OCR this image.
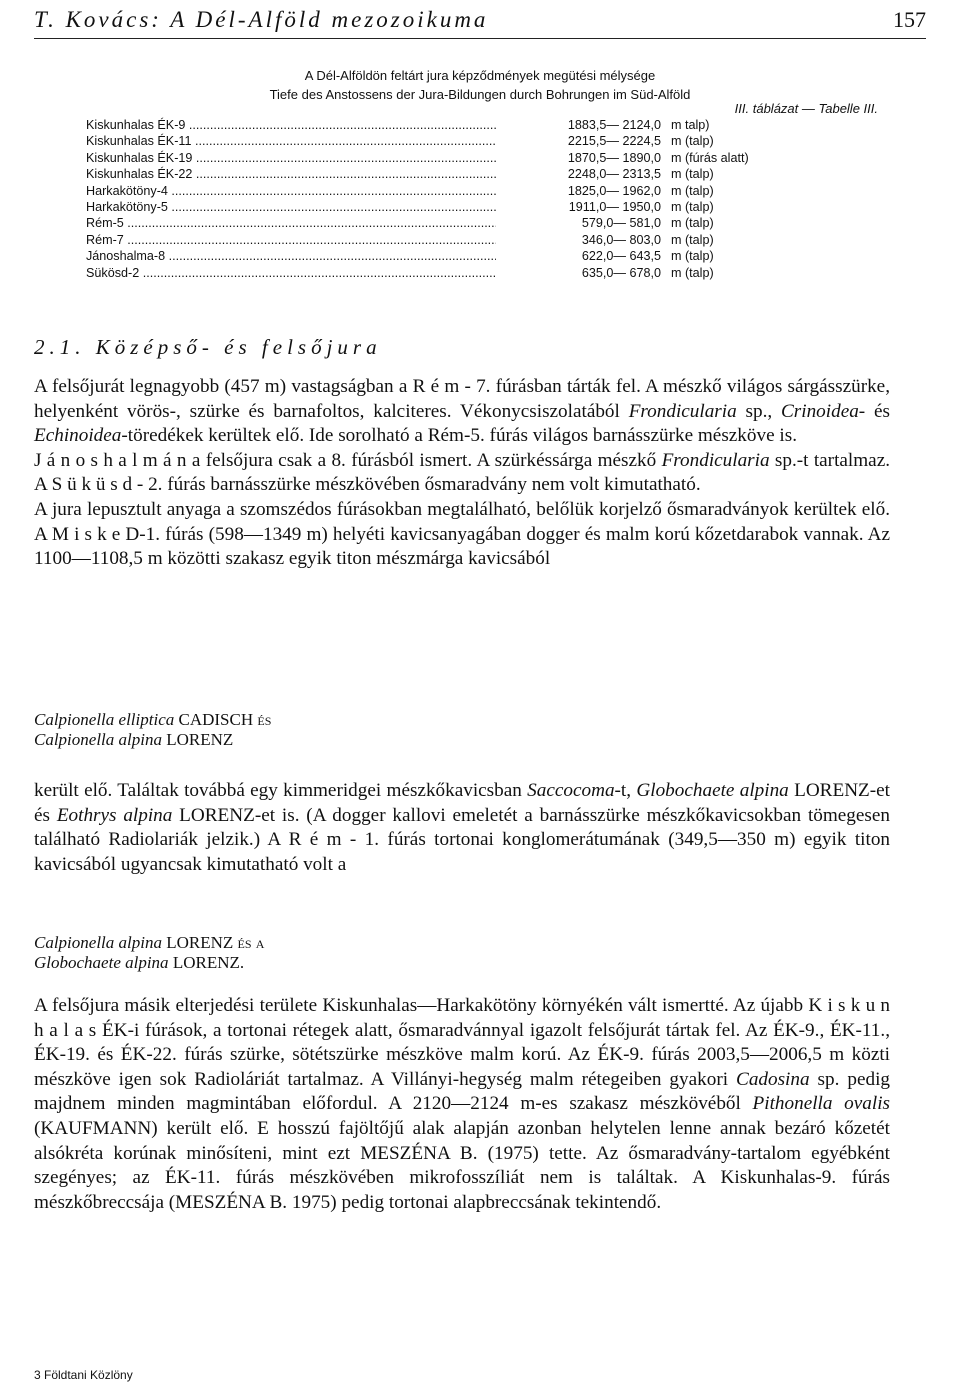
T. Kovács: A Dél-Alföld mezozoikuma	157
A Dél-Alföldön feltárt jura képződmények megütési mélysége
Tiefe des Anstossens der Jura-Bildungen durch Bohrungen im Süd-Alföld
III. táblázat — Tabelle III.
Kiskunhalas ÉK-9 .....	1883,5— 2124,0 m talp)
Kiskunhalas ÉK-11 .....	2215,5— 2224,5 m (talp)
Kiskunhalas ÉK-19 .....	1870,5— 1890,0 m (fúrás alatt)
Kiskunhalas ÉK-22 .....	2248,0— 2313,5 m (talp)
Harkakötöny-4 .....	1825,0— 1962,0 m (talp)
Harkakötöny-5 .....	1911,0— 1950,0 m (talp)
Rém-5 .....	579,0— 581,0 m (talp)
Rém-7 .....	346,0— 803,0 m (talp)
Jánoshalma-8 .....	622,0— 643,5 m (talp)
Sükösd-2 .....	635,0— 678,0 m (talp)
2.1. Középső- és felsőjura
A felsőjurát legnagyobb (457 m) vastagságban a R é m - 7. fúrásban tárták fel. A mészkő világos sárgásszürke, helyenként vörös-, szürke és barnafoltos, kalciteres. Vékonycsiszolatából Frondicularia sp., Crinoidea- és Echinoidea-töredékek kerültek elő. Ide sorolható a Rém-5. fúrás világos barnásszürke mészköve is.
J á n o s h a l m á n a felsőjura csak a 8. fúrásból ismert. A szürkéssárga mészkő Frondicularia sp.-t tartalmaz. A S ü k ü s d - 2. fúrás barnásszürke mészkövében ősmaradvány nem volt kimutatható.
A jura lepusztult anyaga a szomszédos fúrásokban megtalálható, belőlük korjelző ősmaradványok kerültek elő. A M i s k e D-1. fúrás (598—1349 m) helyéti kavicsanyagában dogger és malm korú kőzetdarabok vannak. Az 1100—1108,5 m közötti szakasz egyik titon mészmárga kavicsából
Calpionella elliptica CADISCH és
Calpionella alpina LORENZ
került elő. Találtak továbbá egy kimmeridgei mészkőkavicsban Saccocoma-t, Globochaete alpina LORENZ-et és Eothrys alpina LORENZ-et is. (A dogger kallovi emeletét a barnásszürke mészkőkavicsokban tömegesen található Radiolariák jelzik.) A R é m - 1. fúrás tortonai konglomerátumának (349,5—350 m) egyik titon kavicsából ugyancsak kimutatható volt a
Calpionella alpina LORENZ és a
Globochaete alpina LORENZ.
A felsőjura másik elterjedési területe Kiskunhalas—Harkakötöny környékén vált ismertté. Az újabb K i s k u n h a l a s ÉK-i fúrások, a tortonai rétegek alatt, ősmaradvánnyal igazolt felsőjurát tártak fel. Az ÉK-9., ÉK-11., ÉK-19. és ÉK-22. fúrás szürke, sötétszürke mészköve malm korú. Az ÉK-9. fúrás 2003,5—2006,5 m közti mészköve igen sok Radioláriát tartalmaz. A Villányi-hegység malm rétegeiben gyakori Cadosina sp. pedig majdnem minden magmintában előfordul. A 2120—2124 m-es szakasz mészkövéből Pithonella ovalis (KAUFMANN) került elő. E hosszú fajöltőjű alak alapján azonban helytelen lenne annak bezáró kőzetét alsókréta korúnak minősíteni, mint ezt MESZÉNA B. (1975) tette. Az ősmaradvány-tartalom egyébként szegényes; az ÉK-11. fúrás mészkövében mikrofosszíliát nem is találtak. A Kiskunhalas-9. fúrás mészkőbreccsája (MESZÉNA B. 1975) pedig tortonai alapbreccsának tekintendő.
3 Földtani Közlöny
